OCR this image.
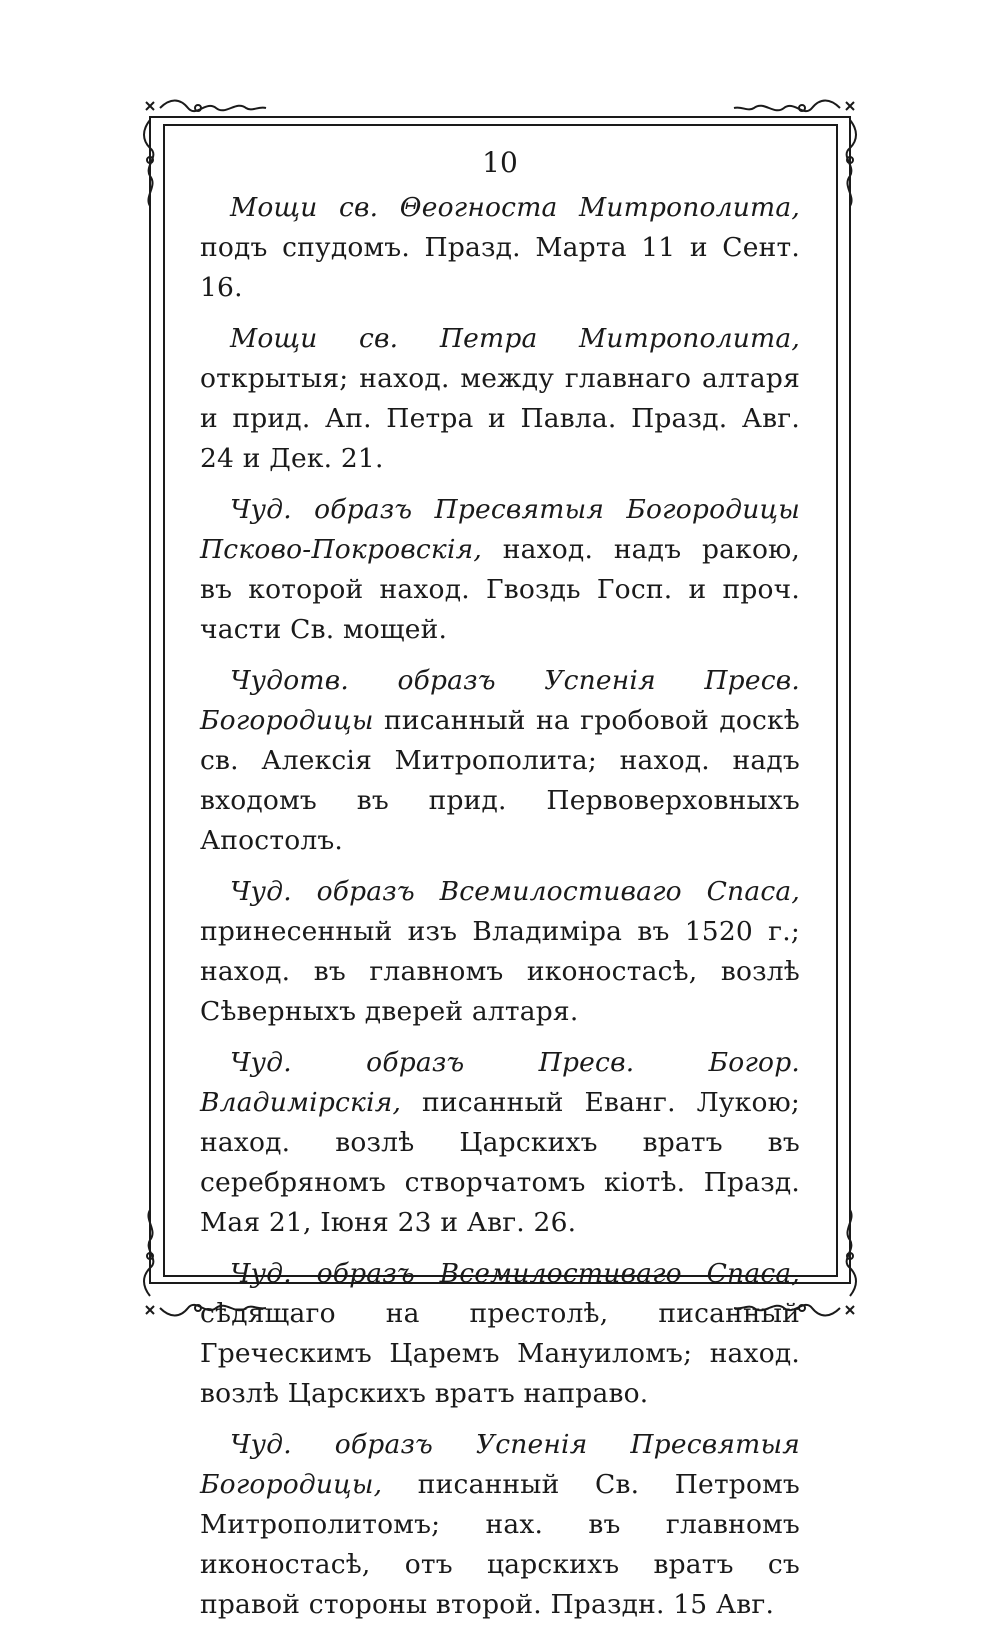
10

Мощи св. Θеогноста Митрополита, подъ спудомъ. Празд. Марта 11 и Сент. 16.

Мощи св. Петра Митрополита, открытыя; наход. между главнаго алтаря и прид. Ап. Петра и Павла. Празд. Авг. 24 и Дек. 21.

Чуд. образъ Пресвятыя Богородицы Псково-Покровскія, наход. надъ ракою, въ которой наход. Гвоздь Госп. и проч. части Св. мощей.

Чудотв. образъ Успенія Пресв. Богородицы писанный на гробовой доскѣ св. Алексія Митрополита; наход. надъ входомъ въ прид. Первоверховныхъ Апостолъ.

Чуд. образъ Всемилостиваго Спаса, принесенный изъ Владиміра въ 1520 г.; наход. въ главномъ иконостасѣ, возлѣ Сѣверныхъ дверей алтаря.

Чуд. образъ Пресв. Богор. Владимірскія, писанный Еванг. Лукою; наход. возлѣ Царскихъ вратъ въ серебряномъ створчатомъ кіотѣ. Празд. Мая 21, Іюня 23 и Авг. 26.

Чуд. образъ Всемилостиваго Спаса, сѣдящаго на престолѣ, писанный Греческимъ Царемъ Мануиломъ; наход. возлѣ Царскихъ вратъ направо.

Чуд. образъ Успенія Пресвятыя Богородицы, писанный Св. Петромъ Митрополитомъ; нах. въ главномъ иконостасѣ, отъ царскихъ вратъ съ правой стороны вторoй. Праздн. 15 Авг.
